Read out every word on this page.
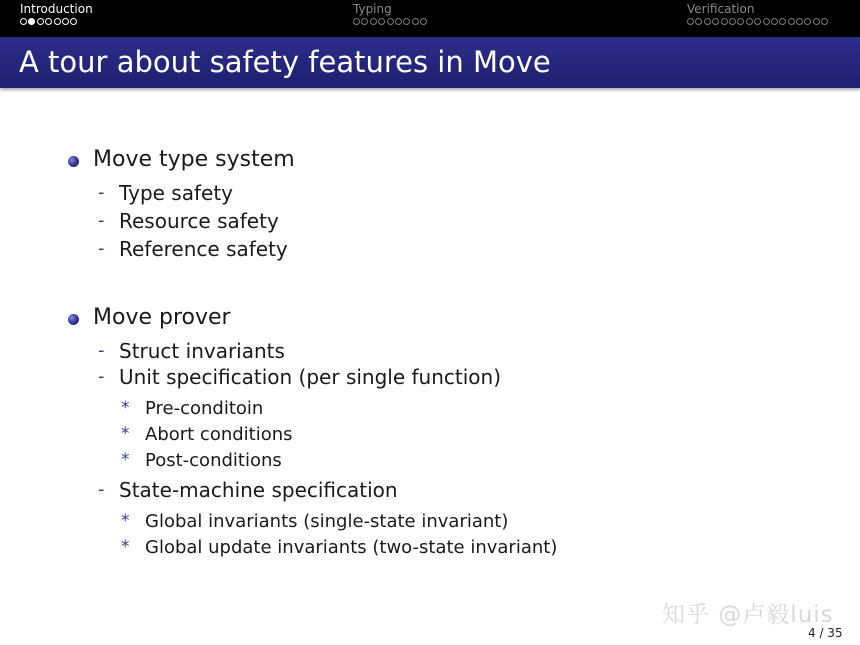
Introduction	Typing	Verification
A tour about safety features in Move
Move type system
- Type safety
- Resource safety
- Reference safety
Move prover
- Struct invariants
- Unit specification (per single function)
* Pre-conditoin
* Abort conditions
* Post-conditions
- State-machine specification
* Global invariants (single-state invariant)
* Global update invariants (two-state invariant)
知乎 @卢毅luis
4 / 35
